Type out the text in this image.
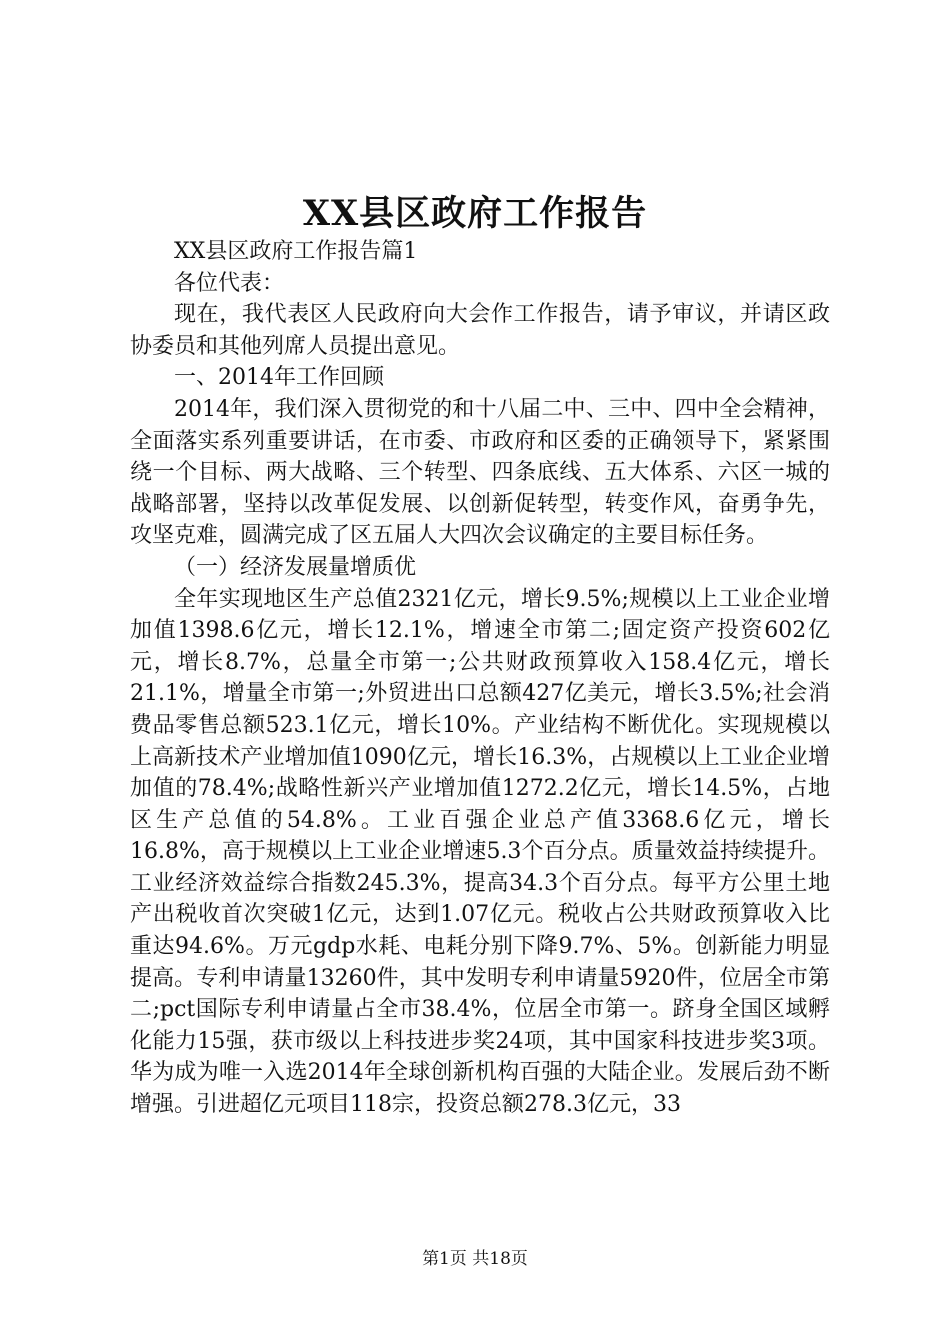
XX县区政府工作报告

XX县区政府工作报告篇1

各位代表：

现在，我代表区人民政府向大会作工作报告，请予审议，并请区政协委员和其他列席人员提出意见。

一、2014年工作回顾

2014年，我们深入贯彻党的和十八届二中、三中、四中全会精神，全面落实系列重要讲话，在市委、市政府和区委的正确领导下，紧紧围绕一个目标、两大战略、三个转型、四条底线、五大体系、六区一城的战略部署，坚持以改革促发展、以创新促转型，转变作风，奋勇争先，攻坚克难，圆满完成了区五届人大四次会议确定的主要目标任务。

（一）经济发展量增质优

全年实现地区生产总值2321亿元，增长9.5%;规模以上工业企业增加值1398.6亿元，增长12.1%，增速全市第二;固定资产投资602亿元，增长8.7%，总量全市第一;公共财政预算收入158.4亿元，增长21.1%，增量全市第一;外贸进出口总额427亿美元，增长3.5%;社会消费品零售总额523.1亿元，增长10%。产业结构不断优化。实现规模以上高新技术产业增加值1090亿元，增长16.3%，占规模以上工业企业增加值的78.4%;战略性新兴产业增加值1272.2亿元，增长14.5%，占地区生产总值的54.8%。工业百强企业总产值3368.6亿元，增长16.8%，高于规模以上工业企业增速5.3个百分点。质量效益持续提升。工业经济效益综合指数245.3%，提高34.3个百分点。每平方公里土地产出税收首次突破1亿元，达到1.07亿元。税收占公共财政预算收入比重达94.6%。万元gdp水耗、电耗分别下降9.7%、5%。创新能力明显提高。专利申请量13260件，其中发明专利申请量5920件，位居全市第二;pct国际专利申请量占全市38.4%，位居全市第一。跻身全国区域孵化能力15强，获市级以上科技进步奖24项，其中国家科技进步奖3项。华为成为唯一入选2014年全球创新机构百强的大陆企业。发展后劲不断增强。引进超亿元项目118宗，投资总额278.3亿元，33

第1页 共18页
